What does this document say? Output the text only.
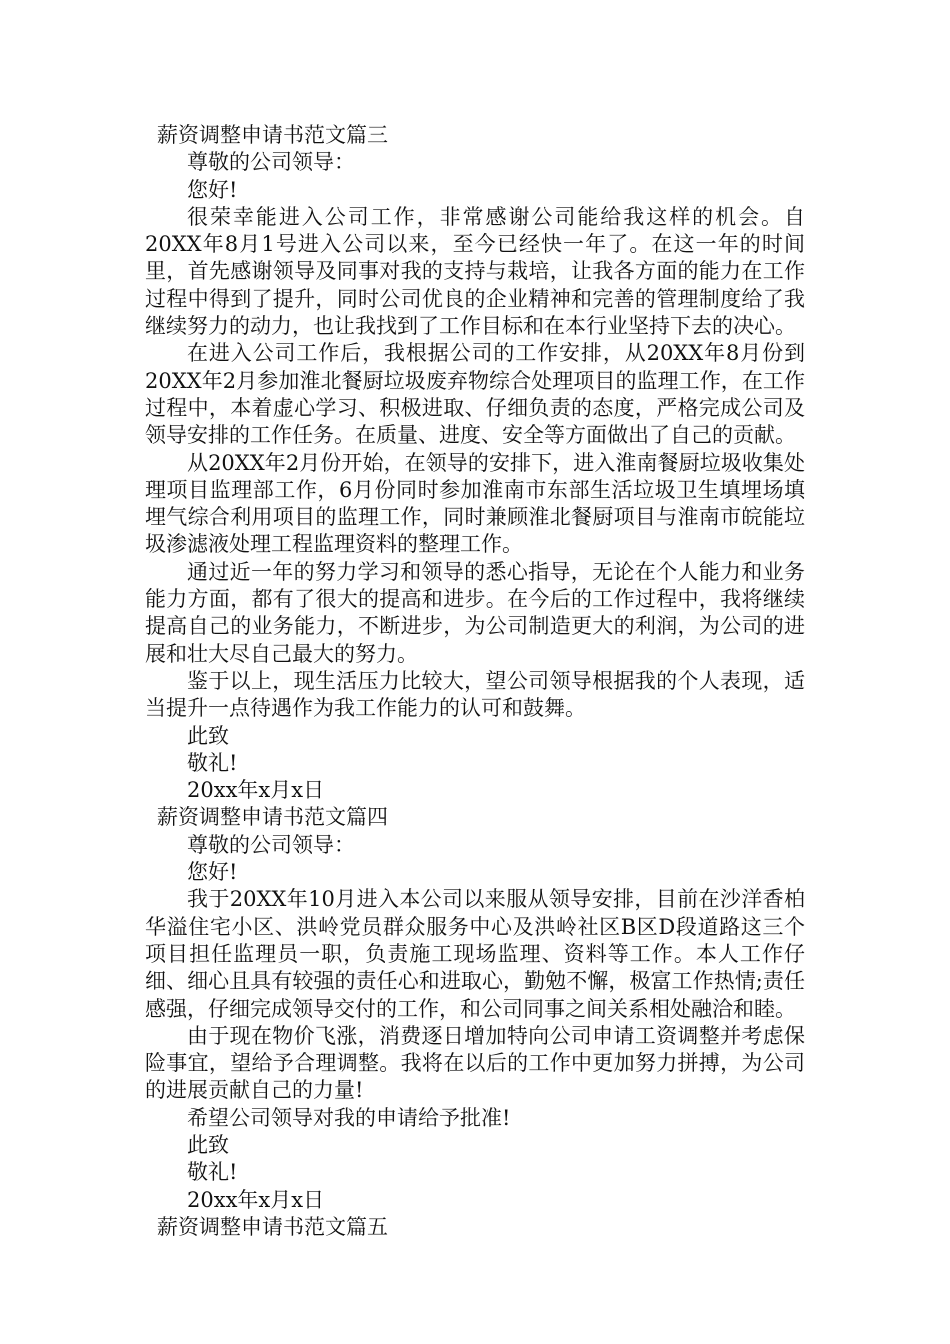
薪资调整申请书范文篇三

尊敬的公司领导：

您好!

很荣幸能进入公司工作，非常感谢公司能给我这样的机会。自20XX年8月1号进入公司以来，至今已经快一年了。在这一年的时间里，首先感谢领导及同事对我的支持与栽培，让我各方面的能力在工作过程中得到了提升，同时公司优良的企业精神和完善的管理制度给了我继续努力的动力，也让我找到了工作目标和在本行业坚持下去的决心。

在进入公司工作后，我根据公司的工作安排，从20XX年8月份到20XX年2月参加淮北餐厨垃圾废弃物综合处理项目的监理工作，在工作过程中，本着虚心学习、积极进取、仔细负责的态度，严格完成公司及领导安排的工作任务。在质量、进度、安全等方面做出了自己的贡献。

从20XX年2月份开始，在领导的安排下，进入淮南餐厨垃圾收集处理项目监理部工作，6月份同时参加淮南市东部生活垃圾卫生填埋场填埋气综合利用项目的监理工作，同时兼顾淮北餐厨项目与淮南市皖能垃圾渗滤液处理工程监理资料的整理工作。

通过近一年的努力学习和领导的悉心指导，无论在个人能力和业务能力方面，都有了很大的提高和进步。在今后的工作过程中，我将继续提高自己的业务能力，不断进步，为公司制造更大的利润，为公司的进展和壮大尽自己最大的努力。

鉴于以上，现生活压力比较大，望公司领导根据我的个人表现，适当提升一点待遇作为我工作能力的认可和鼓舞。

此致

敬礼!

20xx年x月x日

薪资调整申请书范文篇四

尊敬的公司领导：

您好!

我于20XX年10月进入本公司以来服从领导安排，目前在沙洋香柏华溢住宅小区、洪岭党员群众服务中心及洪岭社区B区D段道路这三个项目担任监理员一职，负责施工现场监理、资料等工作。本人工作仔细、细心且具有较强的责任心和进取心，勤勉不懈，极富工作热情;责任感强，仔细完成领导交付的工作，和公司同事之间关系相处融洽和睦。

由于现在物价飞涨，消费逐日增加特向公司申请工资调整并考虑保险事宜，望给予合理调整。我将在以后的工作中更加努力拼搏，为公司的进展贡献自己的力量!

希望公司领导对我的申请给予批准!

此致

敬礼!

20xx年x月x日

薪资调整申请书范文篇五
